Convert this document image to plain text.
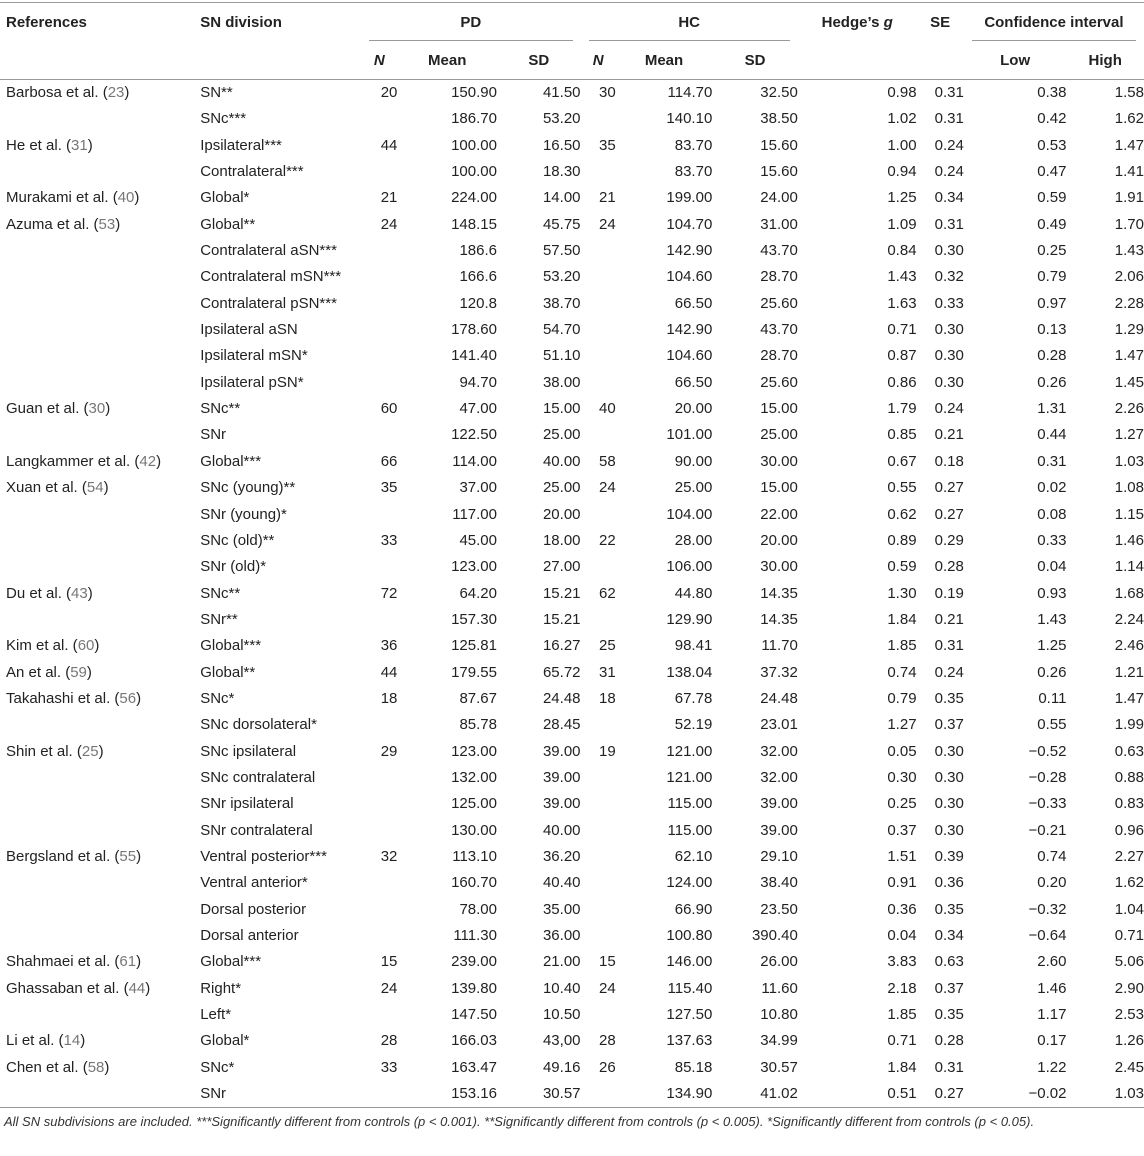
References	SN division	PD			HC			Hedge’s g	SE	Confidence interval	
		N	Mean	SD	N	Mean	SD			Low	High
Barbosa et al. (23)	SN**	20	150.90	41.50	30	114.70	32.50	0.98	0.31	0.38	1.58
	SNc***		186.70	53.20		140.10	38.50	1.02	0.31	0.42	1.62
He et al. (31)	Ipsilateral***	44	100.00	16.50	35	83.70	15.60	1.00	0.24	0.53	1.47
	Contralateral***		100.00	18.30		83.70	15.60	0.94	0.24	0.47	1.41
Murakami et al. (40)	Global*	21	224.00	14.00	21	199.00	24.00	1.25	0.34	0.59	1.91
Azuma et al. (53)	Global**	24	148.15	45.75	24	104.70	31.00	1.09	0.31	0.49	1.70
	Contralateral aSN***		186.6	57.50		142.90	43.70	0.84	0.30	0.25	1.43
	Contralateral mSN***		166.6	53.20		104.60	28.70	1.43	0.32	0.79	2.06
	Contralateral pSN***		120.8	38.70		66.50	25.60	1.63	0.33	0.97	2.28
	Ipsilateral aSN		178.60	54.70		142.90	43.70	0.71	0.30	0.13	1.29
	Ipsilateral mSN*		141.40	51.10		104.60	28.70	0.87	0.30	0.28	1.47
	Ipsilateral pSN*		94.70	38.00		66.50	25.60	0.86	0.30	0.26	1.45
Guan et al. (30)	SNc**	60	47.00	15.00	40	20.00	15.00	1.79	0.24	1.31	2.26
	SNr		122.50	25.00		101.00	25.00	0.85	0.21	0.44	1.27
Langkammer et al. (42)	Global***	66	114.00	40.00	58	90.00	30.00	0.67	0.18	0.31	1.03
Xuan et al. (54)	SNc (young)**	35	37.00	25.00	24	25.00	15.00	0.55	0.27	0.02	1.08
	SNr (young)*		117.00	20.00		104.00	22.00	0.62	0.27	0.08	1.15
	SNc (old)**	33	45.00	18.00	22	28.00	20.00	0.89	0.29	0.33	1.46
	SNr (old)*		123.00	27.00		106.00	30.00	0.59	0.28	0.04	1.14
Du et al. (43)	SNc**	72	64.20	15.21	62	44.80	14.35	1.30	0.19	0.93	1.68
	SNr**		157.30	15.21		129.90	14.35	1.84	0.21	1.43	2.24
Kim et al. (60)	Global***	36	125.81	16.27	25	98.41	11.70	1.85	0.31	1.25	2.46
An et al. (59)	Global**	44	179.55	65.72	31	138.04	37.32	0.74	0.24	0.26	1.21
Takahashi et al. (56)	SNc*	18	87.67	24.48	18	67.78	24.48	0.79	0.35	0.11	1.47
	SNc dorsolateral*		85.78	28.45		52.19	23.01	1.27	0.37	0.55	1.99
Shin et al. (25)	SNc ipsilateral	29	123.00	39.00	19	121.00	32.00	0.05	0.30	−0.52	0.63
	SNc contralateral		132.00	39.00		121.00	32.00	0.30	0.30	−0.28	0.88
	SNr ipsilateral		125.00	39.00		115.00	39.00	0.25	0.30	−0.33	0.83
	SNr contralateral		130.00	40.00		115.00	39.00	0.37	0.30	−0.21	0.96
Bergsland et al. (55)	Ventral posterior***	32	113.10	36.20		62.10	29.10	1.51	0.39	0.74	2.27
	Ventral anterior*		160.70	40.40		124.00	38.40	0.91	0.36	0.20	1.62
	Dorsal posterior		78.00	35.00		66.90	23.50	0.36	0.35	−0.32	1.04
	Dorsal anterior		111.30	36.00		100.80	390.40	0.04	0.34	−0.64	0.71
Shahmaei et al. (61)	Global***	15	239.00	21.00	15	146.00	26.00	3.83	0.63	2.60	5.06
Ghassaban et al. (44)	Right*	24	139.80	10.40	24	115.40	11.60	2.18	0.37	1.46	2.90
	Left*		147.50	10.50		127.50	10.80	1.85	0.35	1.17	2.53
Li et al. (14)	Global*	28	166.03	43,00	28	137.63	34.99	0.71	0.28	0.17	1.26
Chen et al. (58)	SNc*	33	163.47	49.16	26	85.18	30.57	1.84	0.31	1.22	2.45
	SNr		153.16	30.57		134.90	41.02	0.51	0.27	−0.02	1.03
All SN subdivisions are included. ***Significantly different from controls (p < 0.001). **Significantly different from controls (p < 0.005). *Significantly different from controls (p < 0.05).
